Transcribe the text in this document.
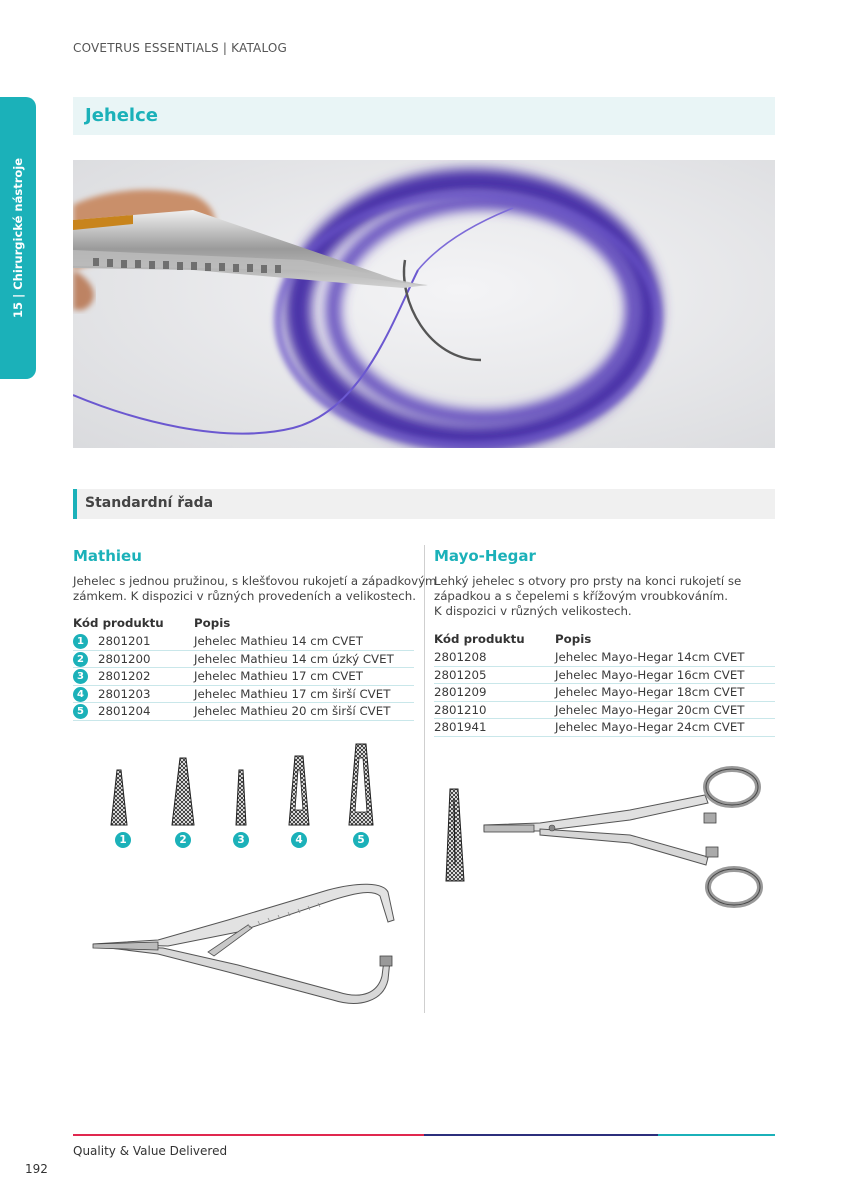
COVETRUS ESSENTIALS | KATALOG
15 | Chirurgické nástroje
Jehelce
Standardní řada
Mathieu
Jehelec s jednou pružinou, s klešťovou rukojetí a západkovým
zámkem. K dispozici v různých provedeních a velikostech.
Kód produktu	Popis
1	2801201	Jehelec Mathieu 14 cm CVET
2	2801200	Jehelec Mathieu 14 cm úzký CVET
3	2801202	Jehelec Mathieu 17 cm CVET
4	2801203	Jehelec Mathieu 17 cm širší CVET
5	2801204	Jehelec Mathieu 20 cm širší CVET
1	2	3	4	5
Mayo-Hegar
Lehký jehelec s otvory pro prsty na konci rukojetí se
západkou a s čepelemi s křížovým vroubkováním.
K dispozici v různých velikostech.
Kód produktu	Popis
2801208	Jehelec Mayo-Hegar 14cm CVET
2801205	Jehelec Mayo-Hegar 16cm CVET
2801209	Jehelec Mayo-Hegar 18cm CVET
2801210	Jehelec Mayo-Hegar 20cm CVET
2801941	Jehelec Mayo-Hegar 24cm CVET
Quality & Value Delivered
192
